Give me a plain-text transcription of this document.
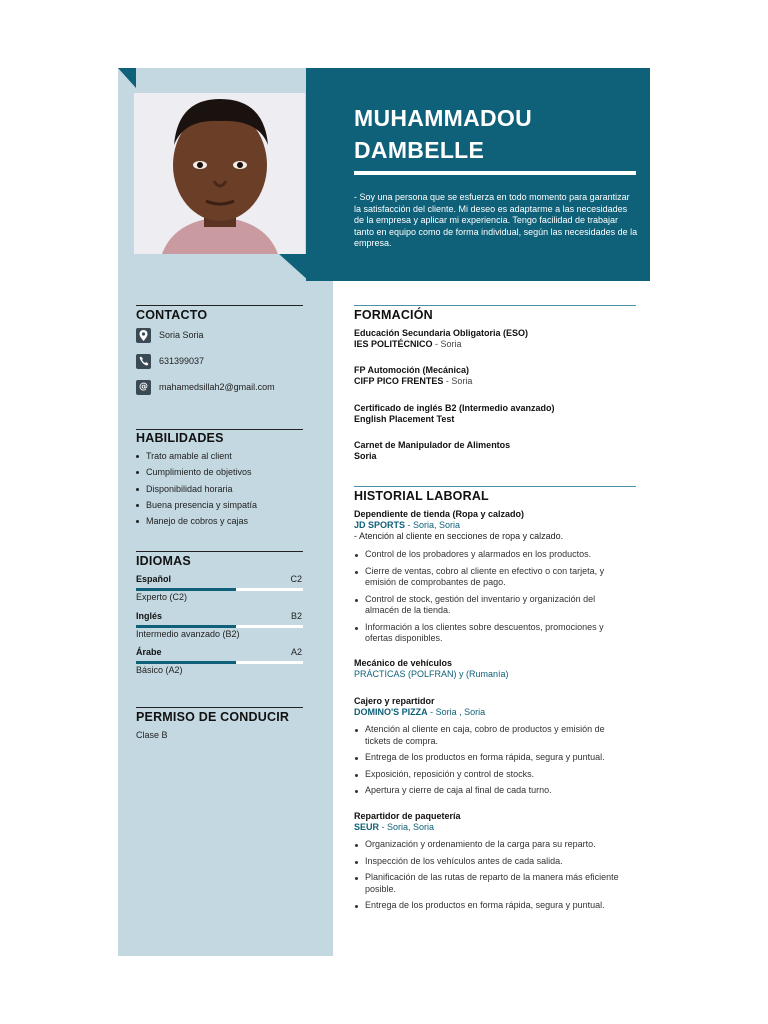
MUHAMMADOU
DAMBELLE
- Soy una persona que se esfuerza en todo momento para garantizar la satisfacción del cliente. Mi deseo es adaptarme a las necesidades de la empresa y aplicar mi experiencia. Tengo facilidad de trabajar tanto en equipo como de forma individual, según las necesidades de la empresa.
CONTACTO
Soria Soria
631399037
@ mahamedsillah2@gmail.com
HABILIDADES
Trato amable al client
Cumplimiento de objetivos
Disponibilidad horaria
Buena presencia y simpatía
Manejo de cobros y cajas
IDIOMAS
Español	C2
Experto (C2)
Inglés	B2
Intermedio avanzado (B2)
Árabe	A2
Básico (A2)
PERMISO DE CONDUCIR
Clase B
FORMACIÓN
Educación Secundaria Obligatoria (ESO)
IES POLITÉCNICO - Soria
FP Automoción (Mecánica)
CIFP PICO FRENTES - Soria
Certificado de inglés B2 (Intermedio avanzado)
English Placement Test
Carnet de Manipulador de Alimentos
Soria
HISTORIAL LABORAL
Dependiente de tienda (Ropa y calzado)
JD SPORTS - Soria, Soria
- Atención al cliente en secciones de ropa y calzado.
Control de los probadores y alarmados en los productos.
Cierre de ventas, cobro al cliente en efectivo o con tarjeta, y emisión de comprobantes de pago.
Control de stock, gestión del inventario y organización del almacén de la tienda.
Información a los clientes sobre descuentos, promociones y ofertas disponibles.
Mecánico de vehículos
PRÁCTICAS (POLFRAN) y (Rumanía)
Cajero y repartidor
DOMINO'S PIZZA - Soria , Soria
Atención al cliente en caja, cobro de productos y emisión de tickets de compra.
Entrega de los productos en forma rápida, segura y puntual.
Exposición, reposición y control de stocks.
Apertura y cierre de caja al final de cada turno.
Repartidor de paquetería
SEUR - Soria, Soria
Organización y ordenamiento de la carga para su reparto.
Inspección de los vehículos antes de cada salida.
Planificación de las rutas de reparto de la manera más eficiente posible.
Entrega de los productos en forma rápida, segura y puntual.
